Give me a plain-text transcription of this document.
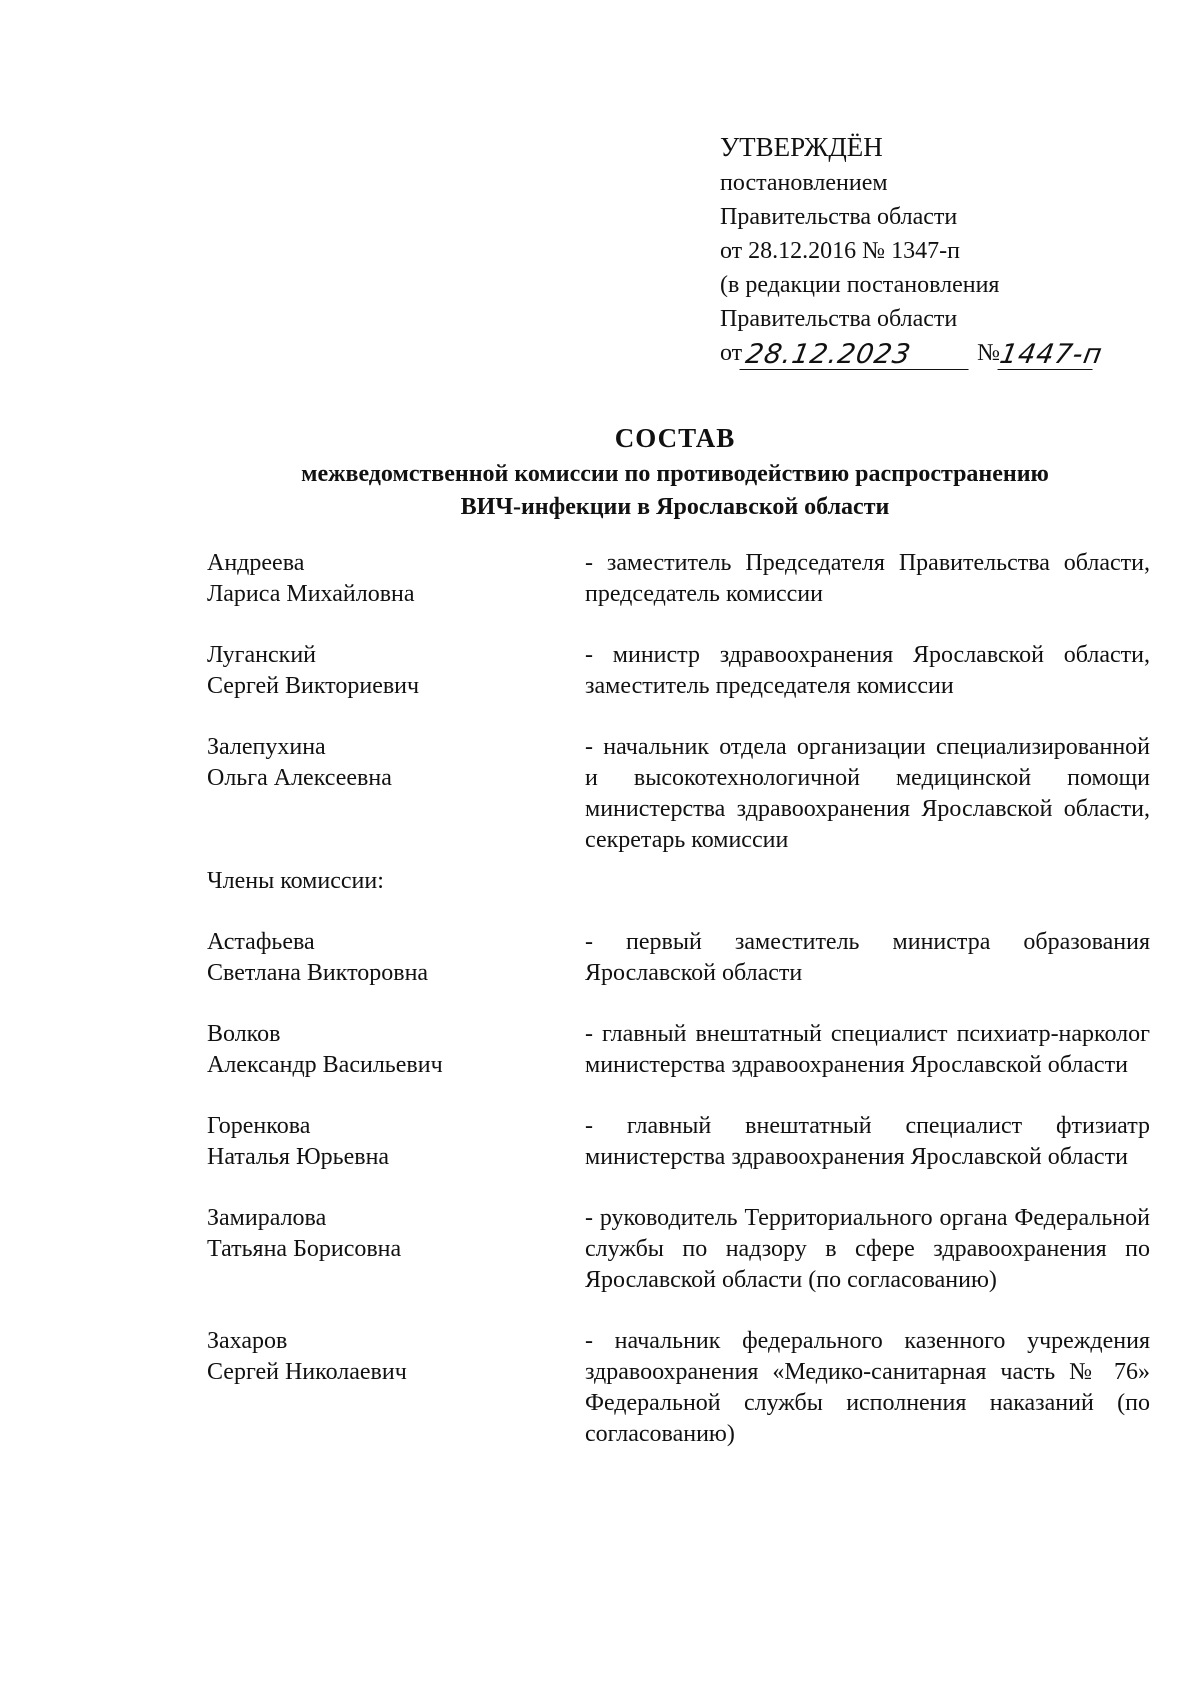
УТВЕРЖДЁН
постановлением
Правительства области
от 28.12.2016 № 1347-п
(в редакции постановления
Правительства области
от28.12.2023	№1447-п
СОСТАВ
межведомственной комиссии по противодействию распространению
ВИЧ-инфекции в Ярославской области
Андреева
Лариса Михайловна
- заместитель Председателя Правительства области, председатель комиссии
Луганский
Сергей Викториевич
- министр здравоохранения Ярославской области, заместитель председателя комиссии
Залепухина
Ольга Алексеевна
- начальник отдела организации специализированной и высокотехнологичной медицинской помощи министерства здравоохранения Ярославской области, секретарь комиссии
Члены комиссии:
Астафьева
Светлана Викторовна
- первый заместитель министра образования Ярославской области
Волков
Александр Васильевич
- главный внештатный специалист психиатр-нарколог министерства здравоохранения Ярославской области
Горенкова
Наталья Юрьевна
- главный внештатный специалист фтизиатр министерства здравоохранения Ярославской области
Замиралова
Татьяна Борисовна
- руководитель Территориального органа Федеральной службы по надзору в сфере здравоохранения по Ярославской области (по согласованию)
Захаров
Сергей Николаевич
- начальник федерального казенного учреждения здравоохранения «Медико-санитарная часть № 76» Федеральной службы исполнения наказаний (по согласованию)
